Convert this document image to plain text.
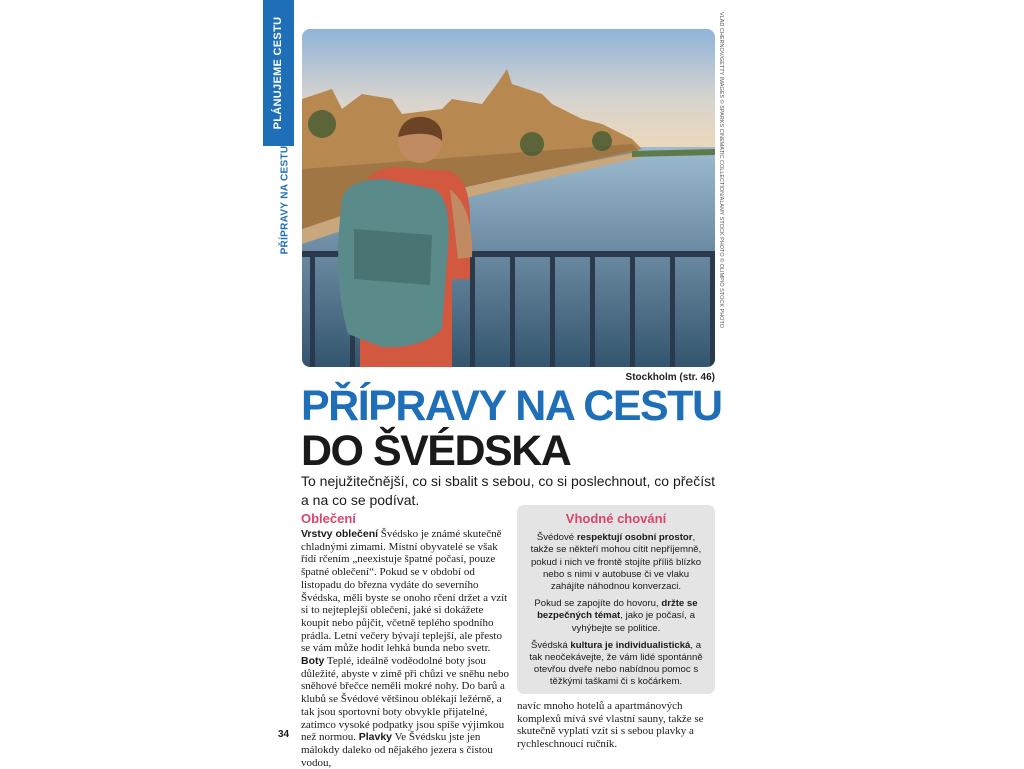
PLÁNUJEME CESTU
PŘÍPRAVY NA CESTU	VLAD CHERNOV/GETTY IMAGES © SPARKS CINEMATIC COLLECTION/ALAMY STOCK PHOTO © OLIMPIO STOCK PHOTO
Stockholm (str. 46)
PŘÍPRAVY NA CESTU
DO ŠVÉDSKA
To nejužitečnější, co si sbalit s sebou, co si poslechnout, co přečíst a na co se podívat.
Oblečení

Vrstvy oblečení Švédsko je známé skutečně chladnými zimami. Místní obyvatelé se však řídí rčením „neexistuje špatné počasí, pouze špatné oblečení“. Pokud se v období od listopadu do března vydáte do severního Švédska, měli byste se onoho rčení držet a vzít si to nejteplejší oblečení, jaké si dokážete koupit nebo půjčit, včetně teplého spodního prádla. Letní večery bývají teplejší, ale přesto se vám může hodit lehká bunda nebo svetr. Boty Teplé, ideálně voděodolné boty jsou důležité, abyste v zimě při chůzi ve sněhu nebo sněhové břečce neměli mokré nohy. Do barů a klubů se Švédové většinou oblékají ležérně, a tak jsou sportovní boty obvykle přijatelné, zatímco vysoké podpatky jsou spíše výjimkou než normou. Plavky Ve Švédsku jste jen málokdy daleko od nějakého jezera s čistou vodou,

Vhodné chování

Švédové respektují osobní prostor, takže se někteří mohou cítit nepříjemně, pokud i nich ve frontě stojíte příliš blízko nebo s nimi v autobuse či ve vlaku zahájíte náhodnou konverzaci.

Pokud se zapojíte do hovoru, držte se bezpečných témat, jako je počasí, a vyhýbejte se politice.

Švédská kultura je individualistická, a tak neočekávejte, že vám lidé spontánně otevřou dveře nebo nabídnou pomoc s těžkými taškami či s kočárkem.

navíc mnoho hotelů a apartmánových komplexů mívá své vlastní sauny, takže se skutečně vyplatí vzít si s sebou plavky a rychleschnoucí ručník.

34
